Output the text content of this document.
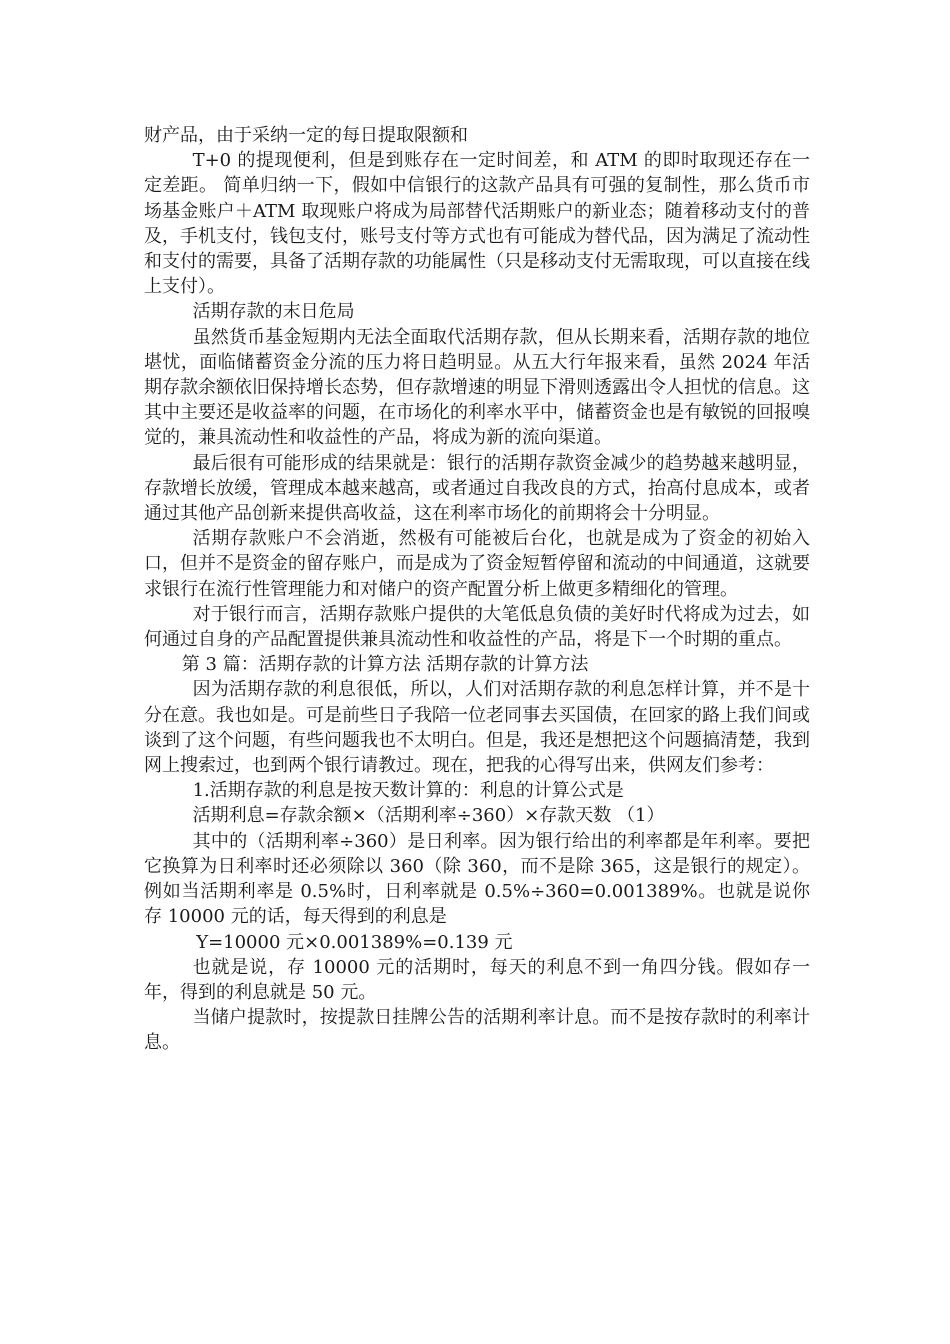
财产品，由于采纳一定的每日提取限额和

T+0 的提现便利，但是到账存在一定时间差，和 ATM 的即时取现还存在一定差距。 简单归纳一下，假如中信银行的这款产品具有可强的复制性，那么货币市场基金账户＋ATM 取现账户将成为局部替代活期账户的新业态；随着移动支付的普及，手机支付，钱包支付，账号支付等方式也有可能成为替代品，因为满足了流动性和支付的需要，具备了活期存款的功能属性（只是移动支付无需取现，可以直接在线上支付）。

活期存款的末日危局

虽然货币基金短期内无法全面取代活期存款，但从长期来看，活期存款的地位堪忧，面临储蓄资金分流的压力将日趋明显。从五大行年报来看，虽然 2024 年活期存款余额依旧保持增长态势，但存款增速的明显下滑则透露出令人担忧的信息。这其中主要还是收益率的问题，在市场化的利率水平中，储蓄资金也是有敏锐的回报嗅觉的，兼具流动性和收益性的产品，将成为新的流向渠道。

最后很有可能形成的结果就是：银行的活期存款资金减少的趋势越来越明显，存款增长放缓，管理成本越来越高，或者通过自我改良的方式，抬高付息成本，或者通过其他产品创新来提供高收益，这在利率市场化的前期将会十分明显。

活期存款账户不会消逝，然极有可能被后台化，也就是成为了资金的初始入口，但并不是资金的留存账户，而是成为了资金短暂停留和流动的中间通道，这就要求银行在流行性管理能力和对储户的资产配置分析上做更多精细化的管理。

对于银行而言，活期存款账户提供的大笔低息负债的美好时代将成为过去，如何通过自身的产品配置提供兼具流动性和收益性的产品，将是下一个时期的重点。

第 3 篇：活期存款的计算方法 活期存款的计算方法

因为活期存款的利息很低，所以，人们对活期存款的利息怎样计算，并不是十分在意。我也如是。可是前些日子我陪一位老同事去买国债，在回家的路上我们间或谈到了这个问题，有些问题我也不太明白。但是，我还是想把这个问题搞清楚，我到网上搜索过，也到两个银行请教过。现在，把我的心得写出来，供网友们参考：

1.活期存款的利息是按天数计算的：利息的计算公式是

活期利息=存款余额×（活期利率÷360）×存款天数 （1）

其中的（活期利率÷360）是日利率。因为银行给出的利率都是年利率。要把它换算为日利率时还必须除以 360（除 360，而不是除 365，这是银行的规定）。例如当活期利率是 0.5%时，日利率就是 0.5%÷360=0.001389%。也就是说你存 10000 元的话，每天得到的利息是

Y=10000 元×0.001389%=0.139 元

也就是说，存 10000 元的活期时，每天的利息不到一角四分钱。假如存一年，得到的利息就是 50 元。

当储户提款时，按提款日挂牌公告的活期利率计息。而不是按存款时的利率计息。
